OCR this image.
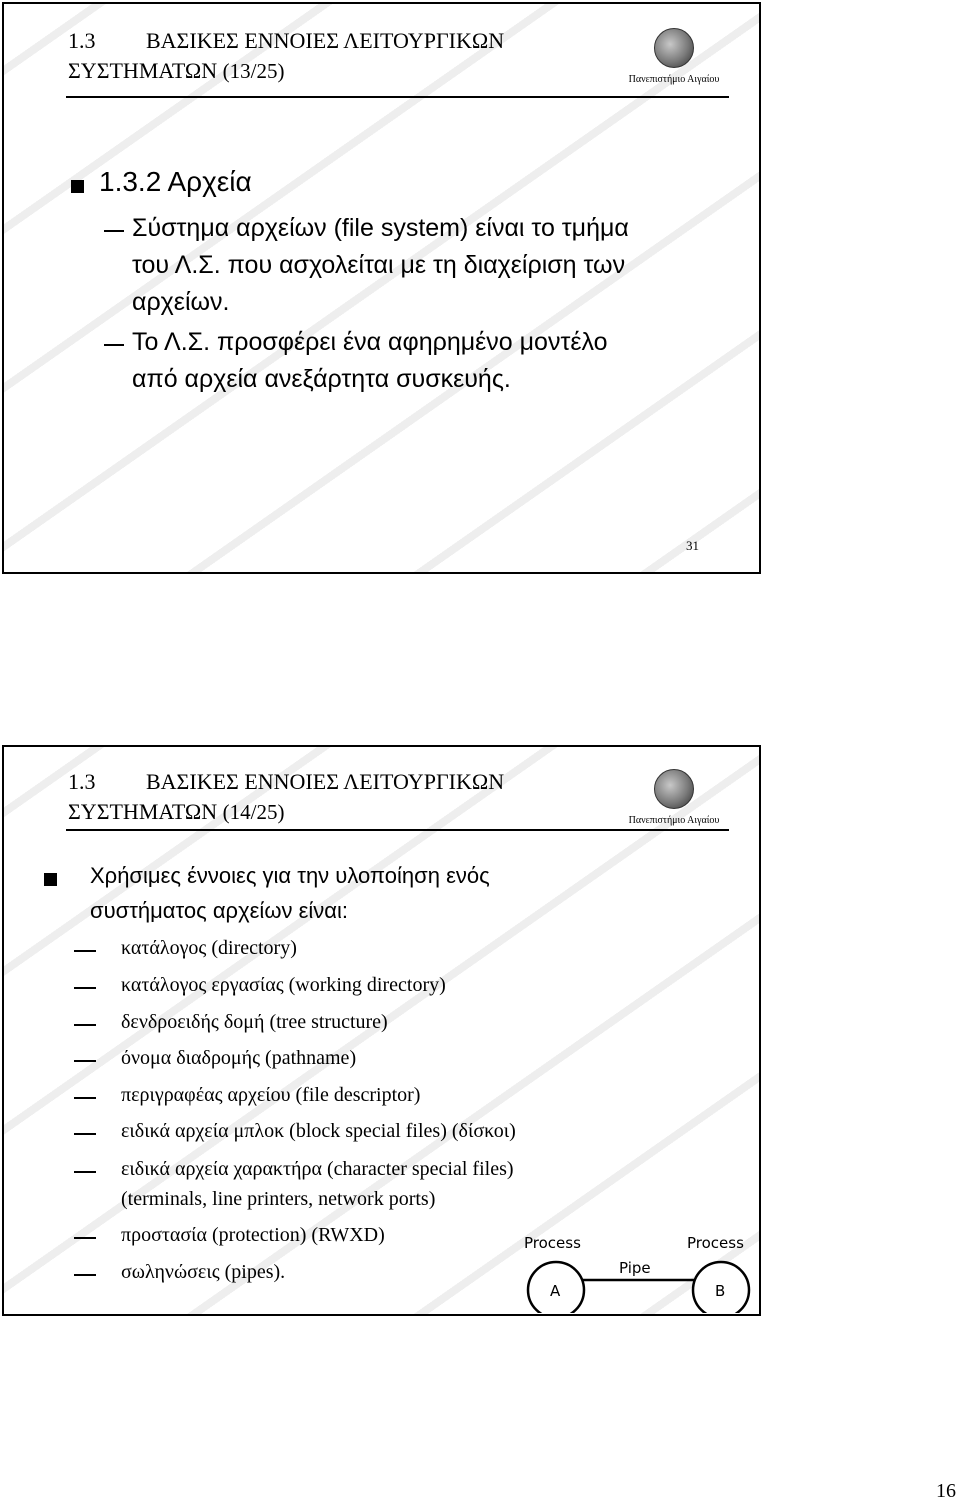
1.3 ΒΑΣΙΚΕΣ ΕΝΝΟΙΕΣ ΛΕΙΤΟΥΡΓΙΚΩΝ
ΣΥΣΤΗΜΑΤΩΝ (13/25)	Πανεπιστήμιο Αιγαίου
1.3.2 Αρχεία
Σύστημα αρχείων (file system) είναι το τμήμα
του Λ.Σ. που ασχολείται με τη διαχείριση των
αρχείων.
Το Λ.Σ. προσφέρει ένα αφηρημένο μοντέλο
από αρχεία ανεξάρτητα συσκευής.
31
1.3 ΒΑΣΙΚΕΣ ΕΝΝΟΙΕΣ ΛΕΙΤΟΥΡΓΙΚΩΝ
ΣΥΣΤΗΜΑΤΩΝ (14/25)	Πανεπιστήμιο Αιγαίου
Χρήσιμες έννοιες για την υλοποίηση ενός
συστήματος αρχείων είναι:
κατάλογος (directory)
κατάλογος εργασίας (working directory)
δενδροειδής δομή (tree structure)
όνομα διαδρομής (pathname)
περιγραφέας αρχείου (file descriptor)
ειδικά αρχεία μπλοκ (block special files) (δίσκοι)
ειδικά αρχεία χαρακτήρα (character special files)
(terminals, line printers, network ports)
προστασία (protection) (RWXD)
σωληνώσεις (pipes).
Process	Process
Pipe
A	B
16
